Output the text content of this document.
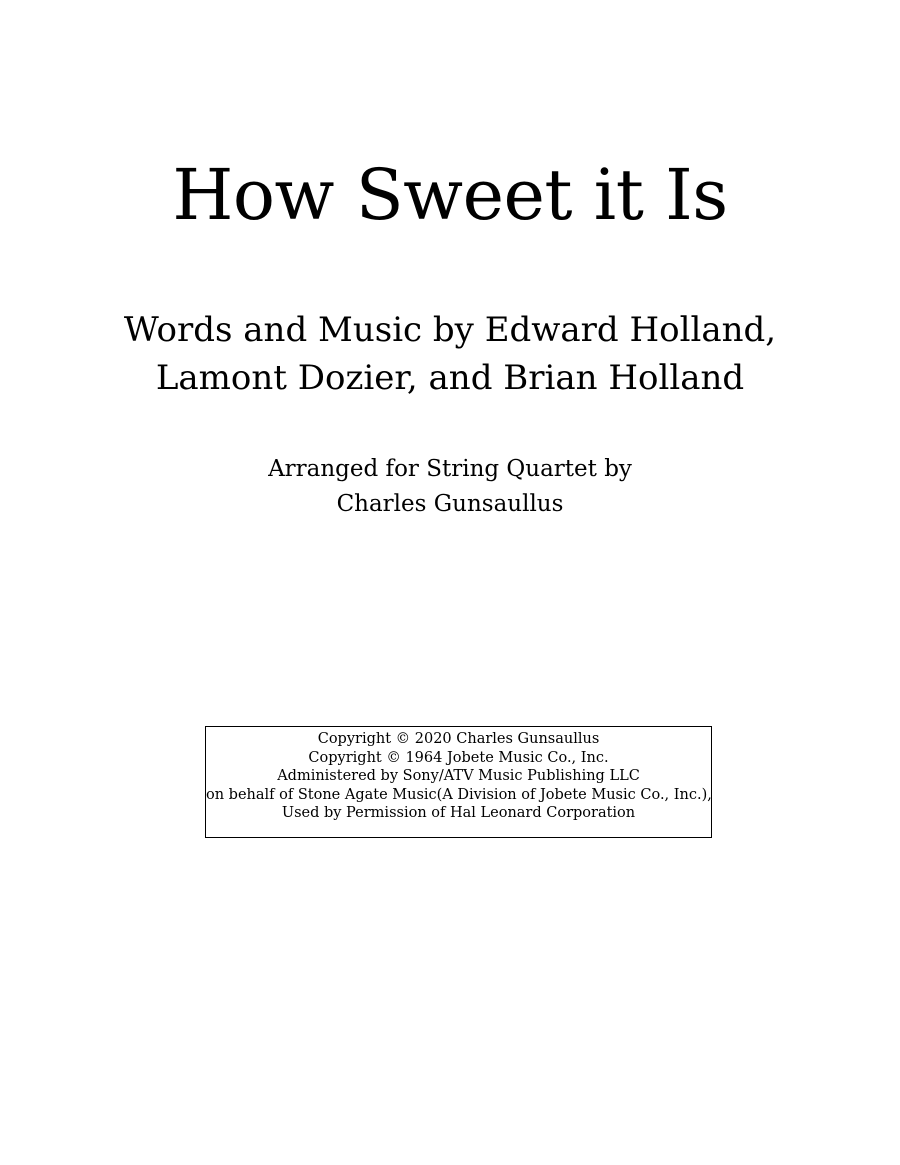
How Sweet it Is
Words and Music by Edward Holland,
Lamont Dozier, and Brian Holland
Arranged for String Quartet by
Charles Gunsaullus
Copyright © 2020 Charles Gunsaullus
Copyright © 1964 Jobete Music Co., Inc.
Administered by Sony/ATV Music Publishing LLC
on behalf of Stone Agate Music(A Division of Jobete Music Co., Inc.),
Used by Permission of Hal Leonard Corporation
